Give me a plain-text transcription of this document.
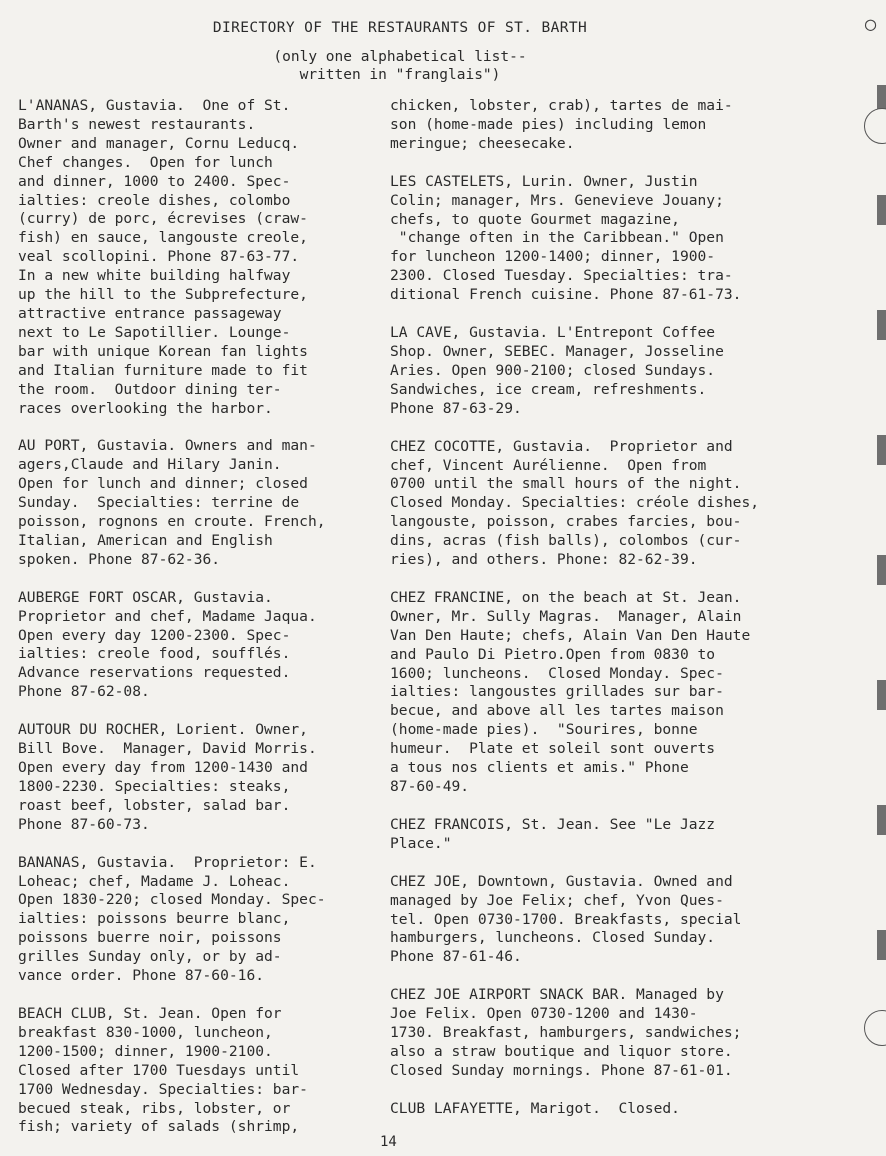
DIRECTORY OF THE RESTAURANTS OF ST. BARTH
(only one alphabetical list--
written in "franglais")
L'ANANAS, Gustavia.  One of St.
Barth's newest restaurants.
Owner and manager, Cornu Leducq.
Chef changes.  Open for lunch
and dinner, 1000 to 2400. Spec-
ialties: creole dishes, colombo
(curry) de porc, écrevises (craw-
fish) en sauce, langouste creole,
veal scollopini. Phone 87-63-77.
In a new white building halfway
up the hill to the Subprefecture,
attractive entrance passageway
next to Le Sapotillier. Lounge-
bar with unique Korean fan lights
and Italian furniture made to fit
the room.  Outdoor dining ter-
races overlooking the harbor.
AU PORT, Gustavia. Owners and man-
agers,Claude and Hilary Janin.
Open for lunch and dinner; closed
Sunday.  Specialties: terrine de
poisson, rognons en croute. French,
Italian, American and English
spoken. Phone 87-62-36.
AUBERGE FORT OSCAR, Gustavia.
Proprietor and chef, Madame Jaqua.
Open every day 1200-2300. Spec-
ialties: creole food, soufflés.
Advance reservations requested.
Phone 87-62-08.
AUTOUR DU ROCHER, Lorient. Owner,
Bill Bove.  Manager, David Morris.
Open every day from 1200-1430 and
1800-2230. Specialties: steaks,
roast beef, lobster, salad bar.
Phone 87-60-73.
BANANAS, Gustavia.  Proprietor: E.
Loheac; chef, Madame J. Loheac.
Open 1830-220; closed Monday. Spec-
ialties: poissons beurre blanc,
poissons buerre noir, poissons
grilles Sunday only, or by ad-
vance order. Phone 87-60-16.
BEACH CLUB, St. Jean. Open for
breakfast 830-1000, luncheon,
1200-1500; dinner, 1900-2100.
Closed after 1700 Tuesdays until
1700 Wednesday. Specialties: bar-
becued steak, ribs, lobster, or
fish; variety of salads (shrimp,
chicken, lobster, crab), tartes de mai-
son (home-made pies) including lemon
meringue; cheesecake.
LES CASTELETS, Lurin. Owner, Justin
Colin; manager, Mrs. Genevieve Jouany;
chefs, to quote Gourmet magazine,
"change often in the Caribbean." Open
for luncheon 1200-1400; dinner, 1900-
2300. Closed Tuesday. Specialties: tra-
ditional French cuisine. Phone 87-61-73.
LA CAVE, Gustavia. L'Entrepont Coffee
Shop. Owner, SEBEC. Manager, Josseline
Aries. Open 900-2100; closed Sundays.
Sandwiches, ice cream, refreshments.
Phone 87-63-29.
CHEZ COCOTTE, Gustavia.  Proprietor and
chef, Vincent Aurélienne.  Open from
0700 until the small hours of the night.
Closed Monday. Specialties: créole dishes,
langouste, poisson, crabes farcies, bou-
dins, acras (fish balls), colombos (cur-
ries), and others. Phone: 82-62-39.
CHEZ FRANCINE, on the beach at St. Jean.
Owner, Mr. Sully Magras.  Manager, Alain
Van Den Haute; chefs, Alain Van Den Haute
and Paulo Di Pietro.Open from 0830 to
1600; luncheons.  Closed Monday. Spec-
ialties: langoustes grillades sur bar-
becue, and above all les tartes maison
(home-made pies).  "Sourires, bonne
humeur.  Plate et soleil sont ouverts
a tous nos clients et amis." Phone
87-60-49.
CHEZ FRANCOIS, St. Jean. See "Le Jazz
Place."
CHEZ JOE, Downtown, Gustavia. Owned and
managed by Joe Felix; chef, Yvon Ques-
tel. Open 0730-1700. Breakfasts, special
hamburgers, luncheons. Closed Sunday.
Phone 87-61-46.
CHEZ JOE AIRPORT SNACK BAR. Managed by
Joe Felix. Open 0730-1200 and 1430-
1730. Breakfast, hamburgers, sandwiches;
also a straw boutique and liquor store.
Closed Sunday mornings. Phone 87-61-01.
CLUB LAFAYETTE, Marigot.  Closed.
14
◯
